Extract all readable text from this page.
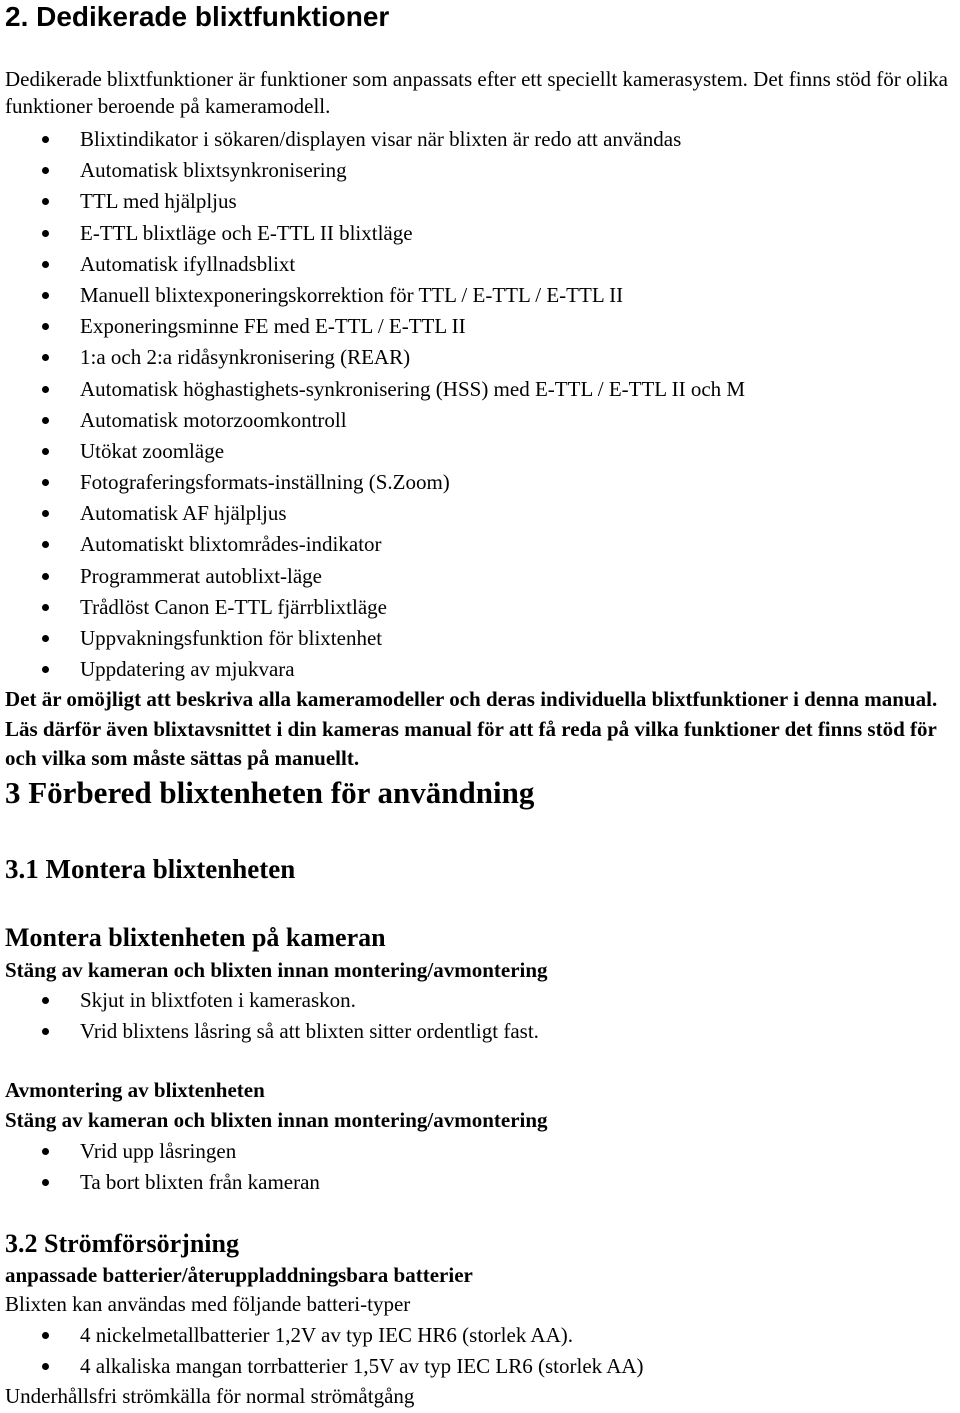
2. Dedikerade blixtfunktioner

Dedikerade blixtfunktioner är funktioner som anpassats efter ett speciellt kamerasystem. Det finns stöd för olika funktioner beroende på kameramodell.

Blixtindikator i sökaren/displayen visar när blixten är redo att användas
Automatisk blixtsynkronisering
TTL med hjälpljus
E-TTL blixtläge och E-TTL II blixtläge
Automatisk ifyllnadsblixt
Manuell blixtexponeringskorrektion för TTL / E-TTL / E-TTL II
Exponeringsminne FE med E-TTL / E-TTL II
1:a och 2:a ridåsynkronisering (REAR)
Automatisk höghastighets-synkronisering (HSS) med E-TTL / E-TTL II och M
Automatisk motorzoomkontroll
Utökat zoomläge
Fotograferingsformats-inställning (S.Zoom)
Automatisk AF hjälpljus
Automatiskt blixtområdes-indikator
Programmerat autoblixt-läge
Trådlöst Canon E-TTL fjärrblixtläge
Uppvakningsfunktion för blixtenhet
Uppdatering av mjukvara

Det är omöjligt att beskriva alla kameramodeller och deras individuella blixtfunktioner i denna manual. Läs därför även blixtavsnittet i din kameras manual för att få reda på vilka funktioner det finns stöd för och vilka som måste sättas på manuellt.

3 Förbered blixtenheten för användning
3.1 Montera blixtenheten
Montera blixtenheten på kameran

Stäng av kameran och blixten innan montering/avmontering

Skjut in blixtfoten i kameraskon.
Vrid blixtens låsring så att blixten sitter ordentligt fast.

Avmontering av blixtenheten

Stäng av kameran och blixten innan montering/avmontering

Vrid upp låsringen
Ta bort blixten från kameran
3.2 Strömförsörjning

anpassade batterier/återuppladdningsbara batterier

Blixten kan användas med följande batteri-typer

4 nickelmetallbatterier 1,2V av typ IEC HR6 (storlek AA).
4 alkaliska mangan torrbatterier 1,5V av typ IEC LR6 (storlek AA)

Underhållsfri strömkälla för normal strömåtgång
